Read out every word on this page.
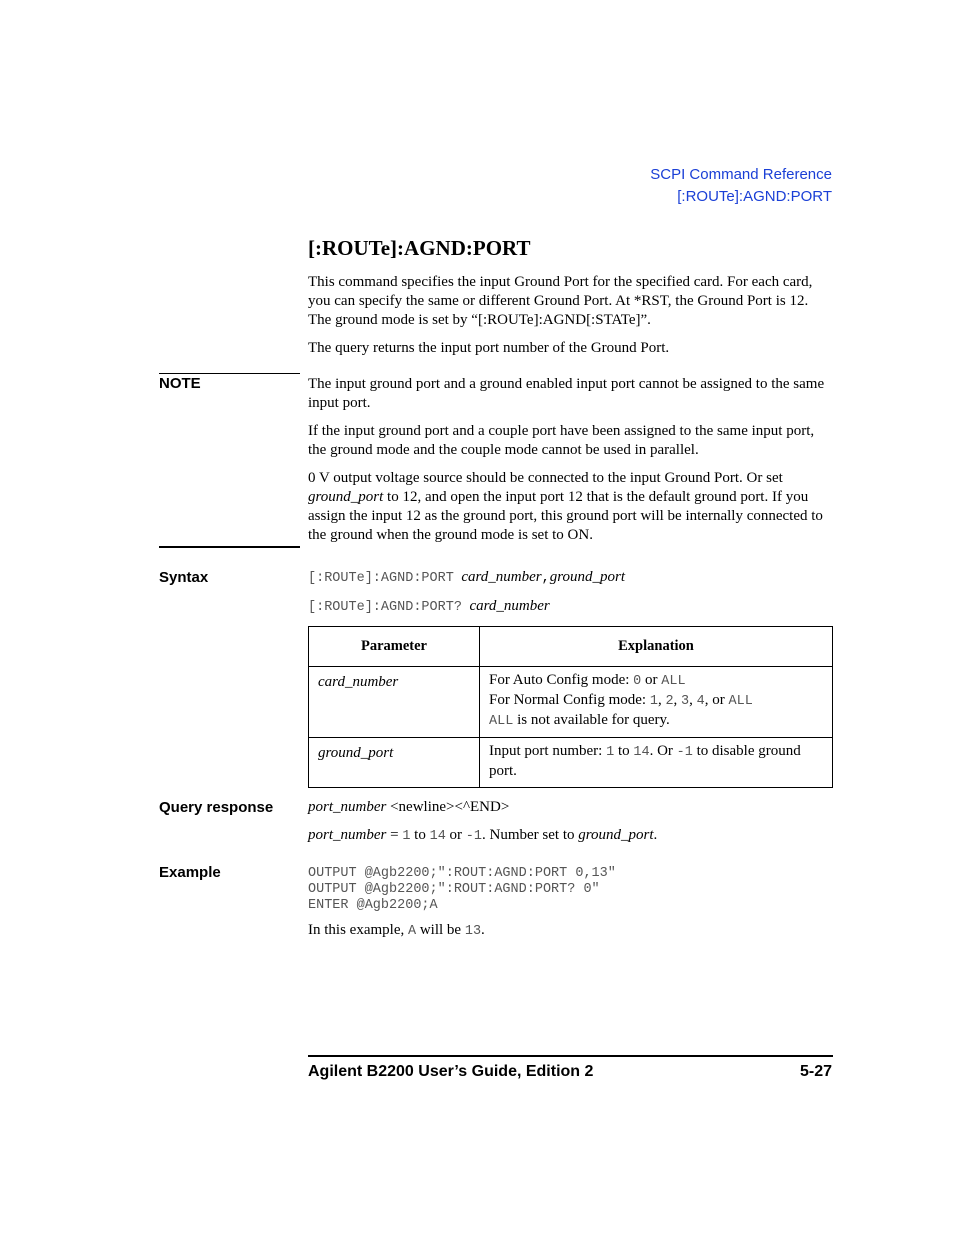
SCPI Command Reference
[:ROUTe]:AGND:PORT
[:ROUTe]:AGND:PORT

This command specifies the input Ground Port for the specified card. For each card, you can specify the same or different Ground Port. At *RST, the Ground Port is 12. The ground mode is set by “[:ROUTe]:AGND[:STATe]”.

The query returns the input port number of the Ground Port.

NOTE	The input ground port and a ground enabled input port cannot be assigned to the same input port.

If the input ground port and a couple port have been assigned to the same input port, the ground mode and the couple mode cannot be used in parallel.

0 V output voltage source should be connected to the input Ground Port. Or set ground_port to 12, and open the input port 12 that is the default ground port. If you assign the input 12 as the ground port, this ground port will be internally connected to the ground when the ground mode is set to ON.

Syntax	[:ROUTe]:AGND:PORT card_number,ground_port
[:ROUTe]:AGND:PORT? card_number
Parameter	Explanation
card_number	For Auto Config mode: 0 or ALL
For Normal Config mode: 1, 2, 3, 4, or ALL
ALL is not available for query.

ground_port	Input port number: 1 to 14. Or -1 to disable ground port.
Query response port_number <newline><^END>
port_number = 1 to 14 or -1. Number set to ground_port.
Example	OUTPUT @Agb2200;":ROUT:AGND:PORT 0,13"
OUTPUT @Agb2200;":ROUT:AGND:PORT? 0"
ENTER @Agb2200;A
In this example, A will be 13.
Agilent B2200 User’s Guide, Edition 2	5-27
